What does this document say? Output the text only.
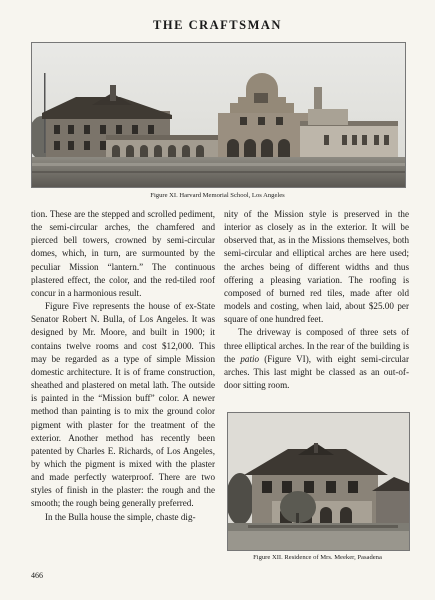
THE CRAFTSMAN
Figure XI. Harvard Memorial School, Los Angeles

tion. These are the stepped and scrolled pediment, the semi-circular arches, the chamfered and pierced bell towers, crowned by semi-circular domes, which, in turn, are surmounted by the peculiar Mission “lantern.” The continuous plastered effect, the color, and the red-tiled roof concur in a harmonious result.

Figure Five represents the house of ex-State Senator Robert N. Bulla, of Los Angeles. It was designed by Mr. Moore, and built in 1900; it contains twelve rooms and cost $12,000. This may be regarded as a type of simple Mission domestic architecture. It is of frame construction, sheathed and plastered on metal lath. The outside is painted in the “Mission buff” color. A newer method than painting is to mix the ground color pigment with plaster for the treatment of the exterior. Another method has recently been patented by Charles E. Richards, of Los Angeles, by which the pigment is mixed with the plaster and made perfectly waterproof. There are two styles of finish in the plaster: the rough and the smooth; the rough being generally preferred.

In the Bulla house the simple, chaste dig-

nity of the Mission style is preserved in the interior as closely as in the exterior. It will be observed that, as in the Missions themselves, both semi-circular and elliptical arches are here used; the arches being of different widths and thus offering a pleasing variation. The roofing is composed of burned red tiles, made after old models and costing, when laid, about $25.00 per square of one hundred feet.

The driveway is composed of three sets of three elliptical arches. In the rear of the building is the patio (Figure VI), with eight semi-circular arches. This last might be classed as an out-of-door sitting room.

Figure XII. Residence of Mrs. Meeker, Pasadena
466
